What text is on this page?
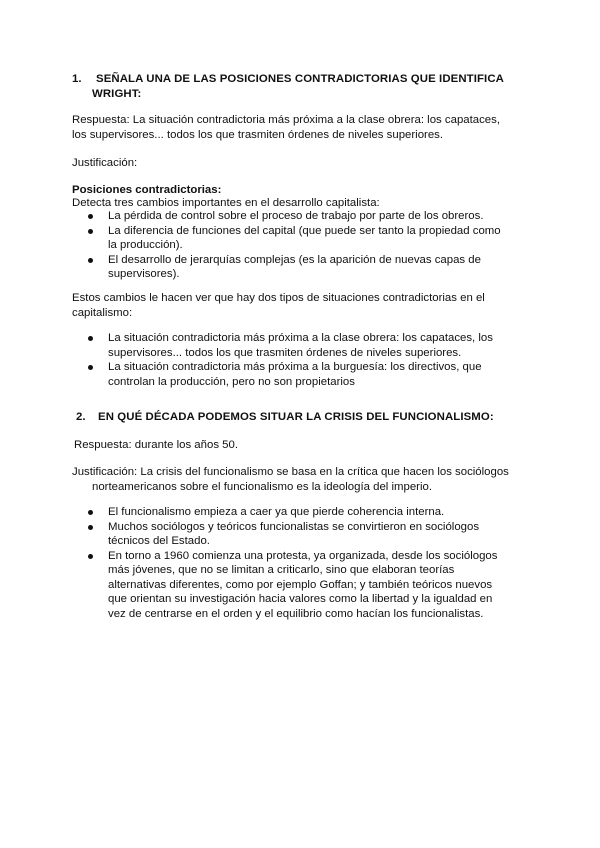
1. SEÑALA UNA DE LAS POSICIONES CONTRADICTORIAS QUE IDENTIFICA
WRIGHT:
Respuesta: La situación contradictoria más próxima a la clase obrera: los capataces, los supervisores... todos los que trasmiten órdenes de niveles superiores.
Justificación:
Posiciones contradictorias:
Detecta tres cambios importantes en el desarrollo capitalista:
La pérdida de control sobre el proceso de trabajo por parte de los obreros.
La diferencia de funciones del capital (que puede ser tanto la propiedad como la producción).
El desarrollo de jerarquías complejas (es la aparición de nuevas capas de supervisores).
Estos cambios le hacen ver que hay dos tipos de situaciones contradictorias en el capitalismo:
La situación contradictoria más próxima a la clase obrera: los capataces, los supervisores... todos los que trasmiten órdenes de niveles superiores.
La situación contradictoria más próxima a la burguesía: los directivos, que controlan la producción, pero no son propietarios
2. EN QUÉ DÉCADA PODEMOS SITUAR LA CRISIS DEL FUNCIONALISMO:
Respuesta: durante los años 50.
Justificación: La crisis del funcionalismo se basa en la crítica que hacen los sociólogos
norteamericanos sobre el funcionalismo es la ideología del imperio.
El funcionalismo empieza a caer ya que pierde coherencia interna.
Muchos sociólogos y teóricos funcionalistas se convirtieron en sociólogos técnicos del Estado.
En torno a 1960 comienza una protesta, ya organizada, desde los sociólogos más jóvenes, que no se limitan a criticarlo, sino que elaboran teorías alternativas diferentes, como por ejemplo Goffan; y también teóricos nuevos que orientan su investigación hacia valores como la libertad y la igualdad en vez de centrarse en el orden y el equilibrio como hacían los funcionalistas.
